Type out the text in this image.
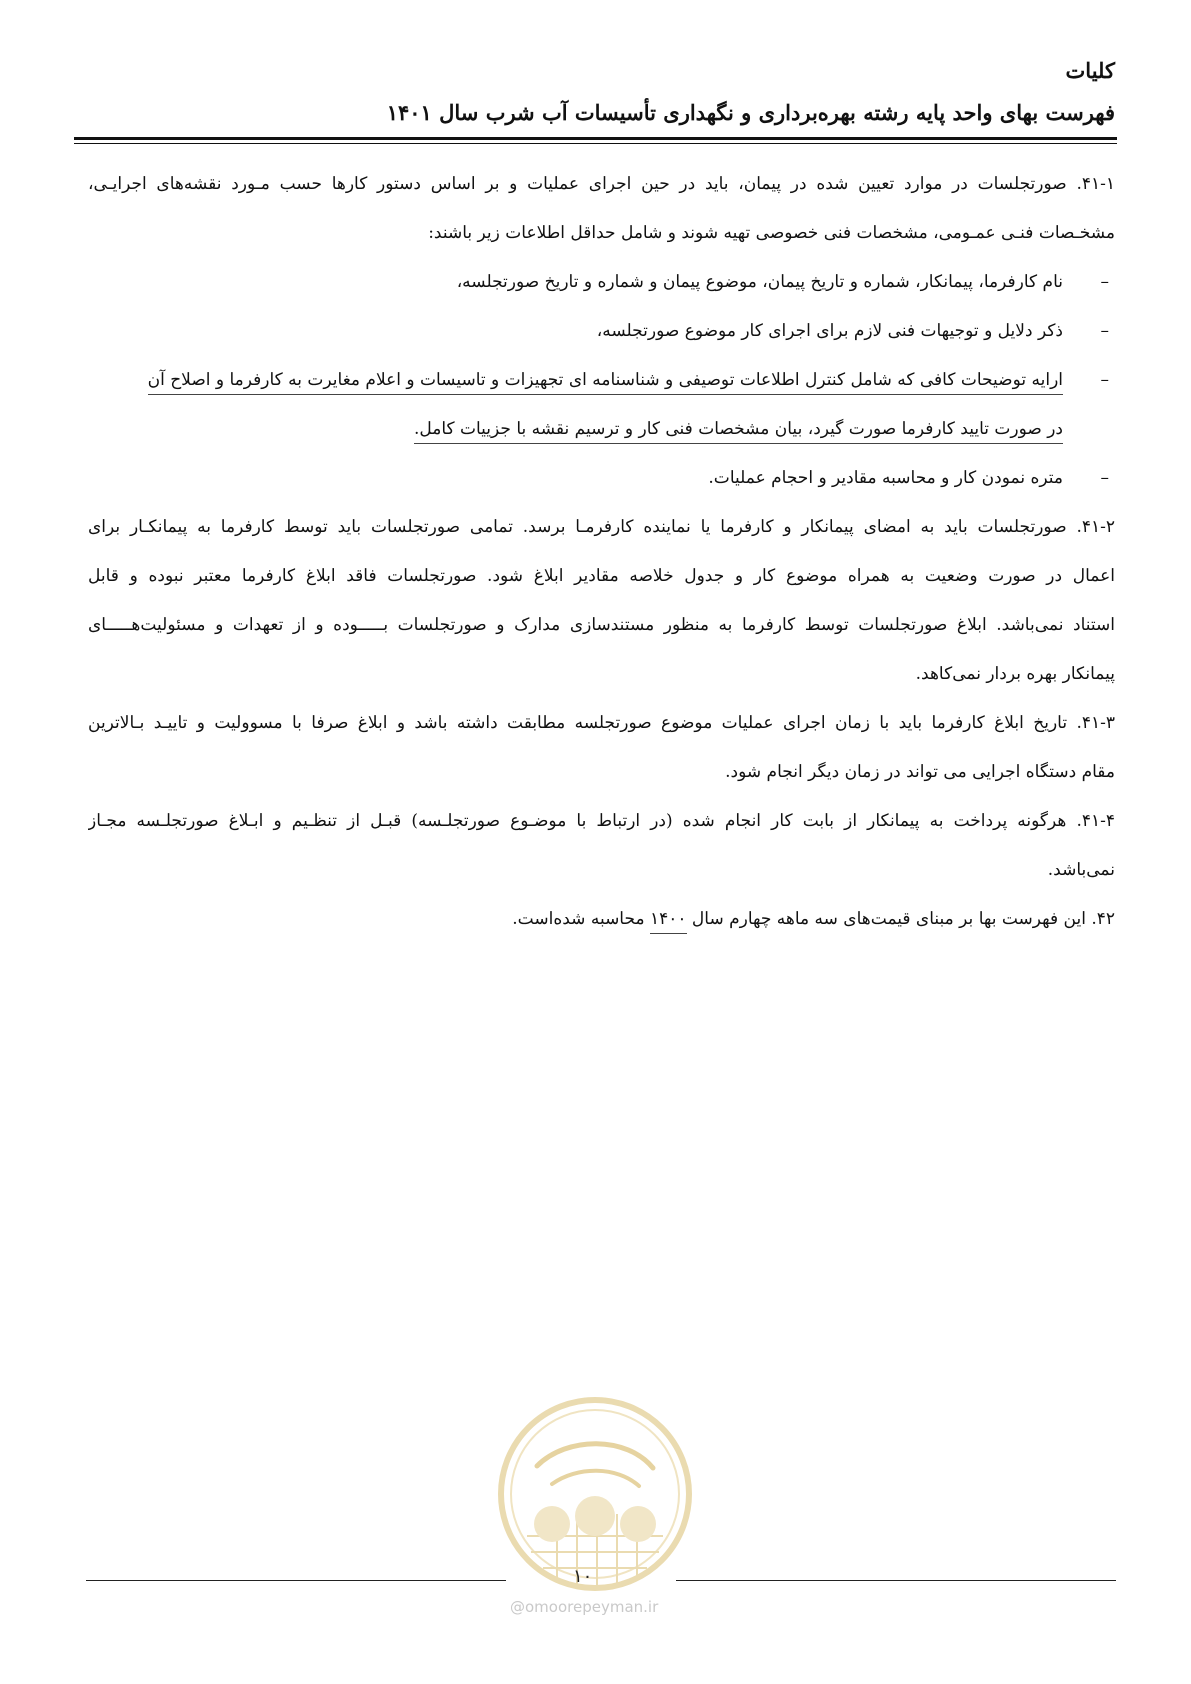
کلیات
فهرست بهای واحد پایه رشته بهره‌برداری و نگهداری تأسیسات آب شرب سال ۱۴۰۱
۴۱-۱. صورتجلسات در موارد تعیین شده در پیمان، باید در حین اجرای عملیات و بر اساس دستور کارها حسب مـورد نقشه‌های اجرایـی،
مشخـصات فنـی عمـومی، مشخصات فنی خصوصی تهیه شوند و شامل حداقل اطلاعات زیر باشند:
–نام کارفرما، پیمانکار، شماره و تاریخ پیمان، موضوع پیمان و شماره و تاریخ صورتجلسه،
–ذکر دلایل و توجیهات فنی لازم برای اجرای کار موضوع صورتجلسه،
–ارایه توضیحات کافی که شامل کنترل اطلاعات توصیفی و شناسنامه ای تجهیزات و تاسیسات و اعلام مغایرت به کارفرما و اصلاح آن
در صورت تایید کارفرما صورت گیرد، بیان مشخصات فنی کار و ترسیم نقشه با جزییات کامل.
–متره نمودن کار و محاسبه مقادیر و احجام عملیات.
۴۱-۲. صورتجلسات باید به امضای پیمانکار و کارفرما یا نماینده کارفرمـا برسد. تمامی صورتجلسات باید توسط کارفرما به پیمانکـار برای
اعمال در صورت وضعیت به همراه موضوع کار و جدول خلاصه مقادیر ابلاغ شود. صورتجلسات فاقد ابلاغ کارفرما معتبر نبوده و قابل
استناد نمی‌باشد. ابلاغ صورتجلسات توسط کارفرما به منظور مستندسازی مدارک و صورتجلسات بـــــوده و از تعهدات و مسئولیت‌هـــــای
پیمانکار بهره بردار نمی‌کاهد.
۴۱-۳. تاریخ ابلاغ کارفرما باید با زمان اجرای عملیات موضوع صورتجلسه مطابقت داشته باشد و ابلاغ صرفا با مسوولیت و تاییـد بـالاترین
مقام دستگاه اجرایی می تواند در زمان دیگر انجام شود.
۴۱-۴. هرگونه پرداخت به پیمانکار از بابت کار انجام شده (در ارتباط با موضـوع صورتجلـسه) قبـل از تنظـیم و ابـلاغ صورتجلـسه مجـاز
نمی‌باشد.
۴۲. این فهرست بها بر مبنای قیمت‌های سه ماهه چهارم سال ۱۴۰۰ محاسبه شده‌است.
۱۰
@omoorepeyman.ir
